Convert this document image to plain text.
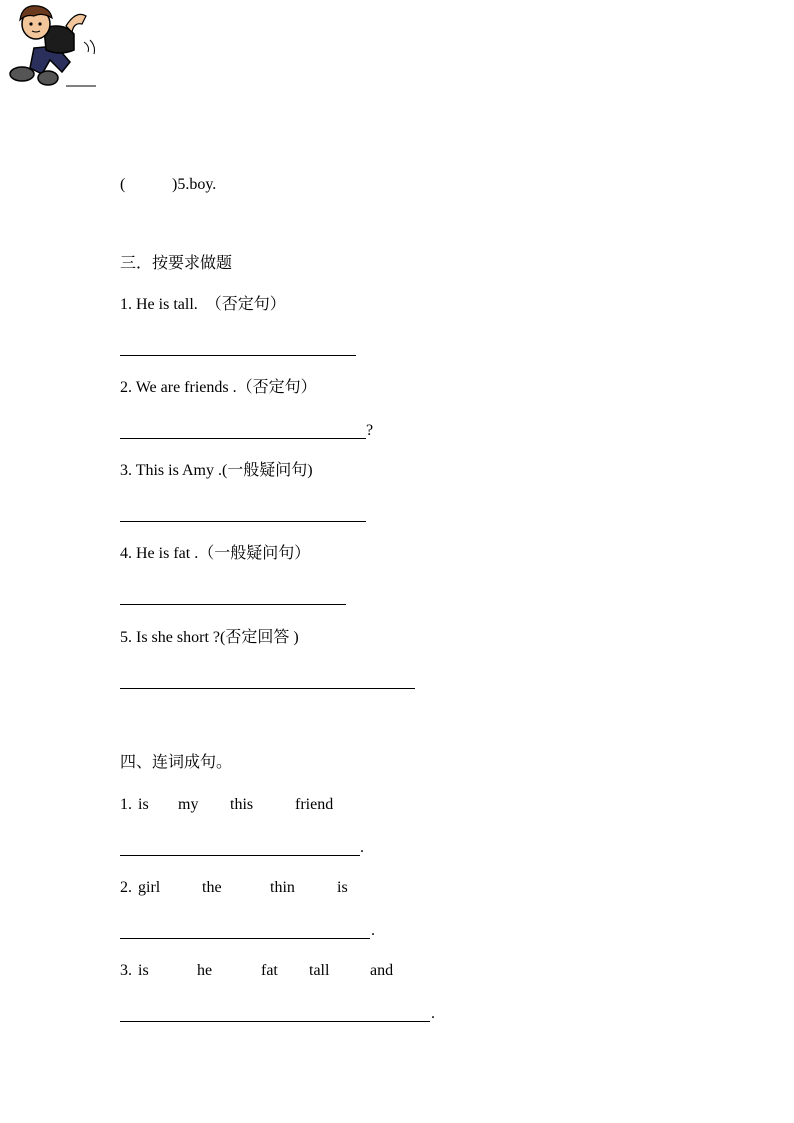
(	)5.boy.
三．按要求做题
1. He is tall.  （否定句）
2. We are friends .（否定句）
?
3. This is Amy .(一般疑问句)
4. He is fat .（一般疑问句）
5. Is she short ?(否定回答 )
四、连词成句。
1. is my this	friend
.
2. girl	the	thin	is
.
3. is	he	fat tall	and
.
